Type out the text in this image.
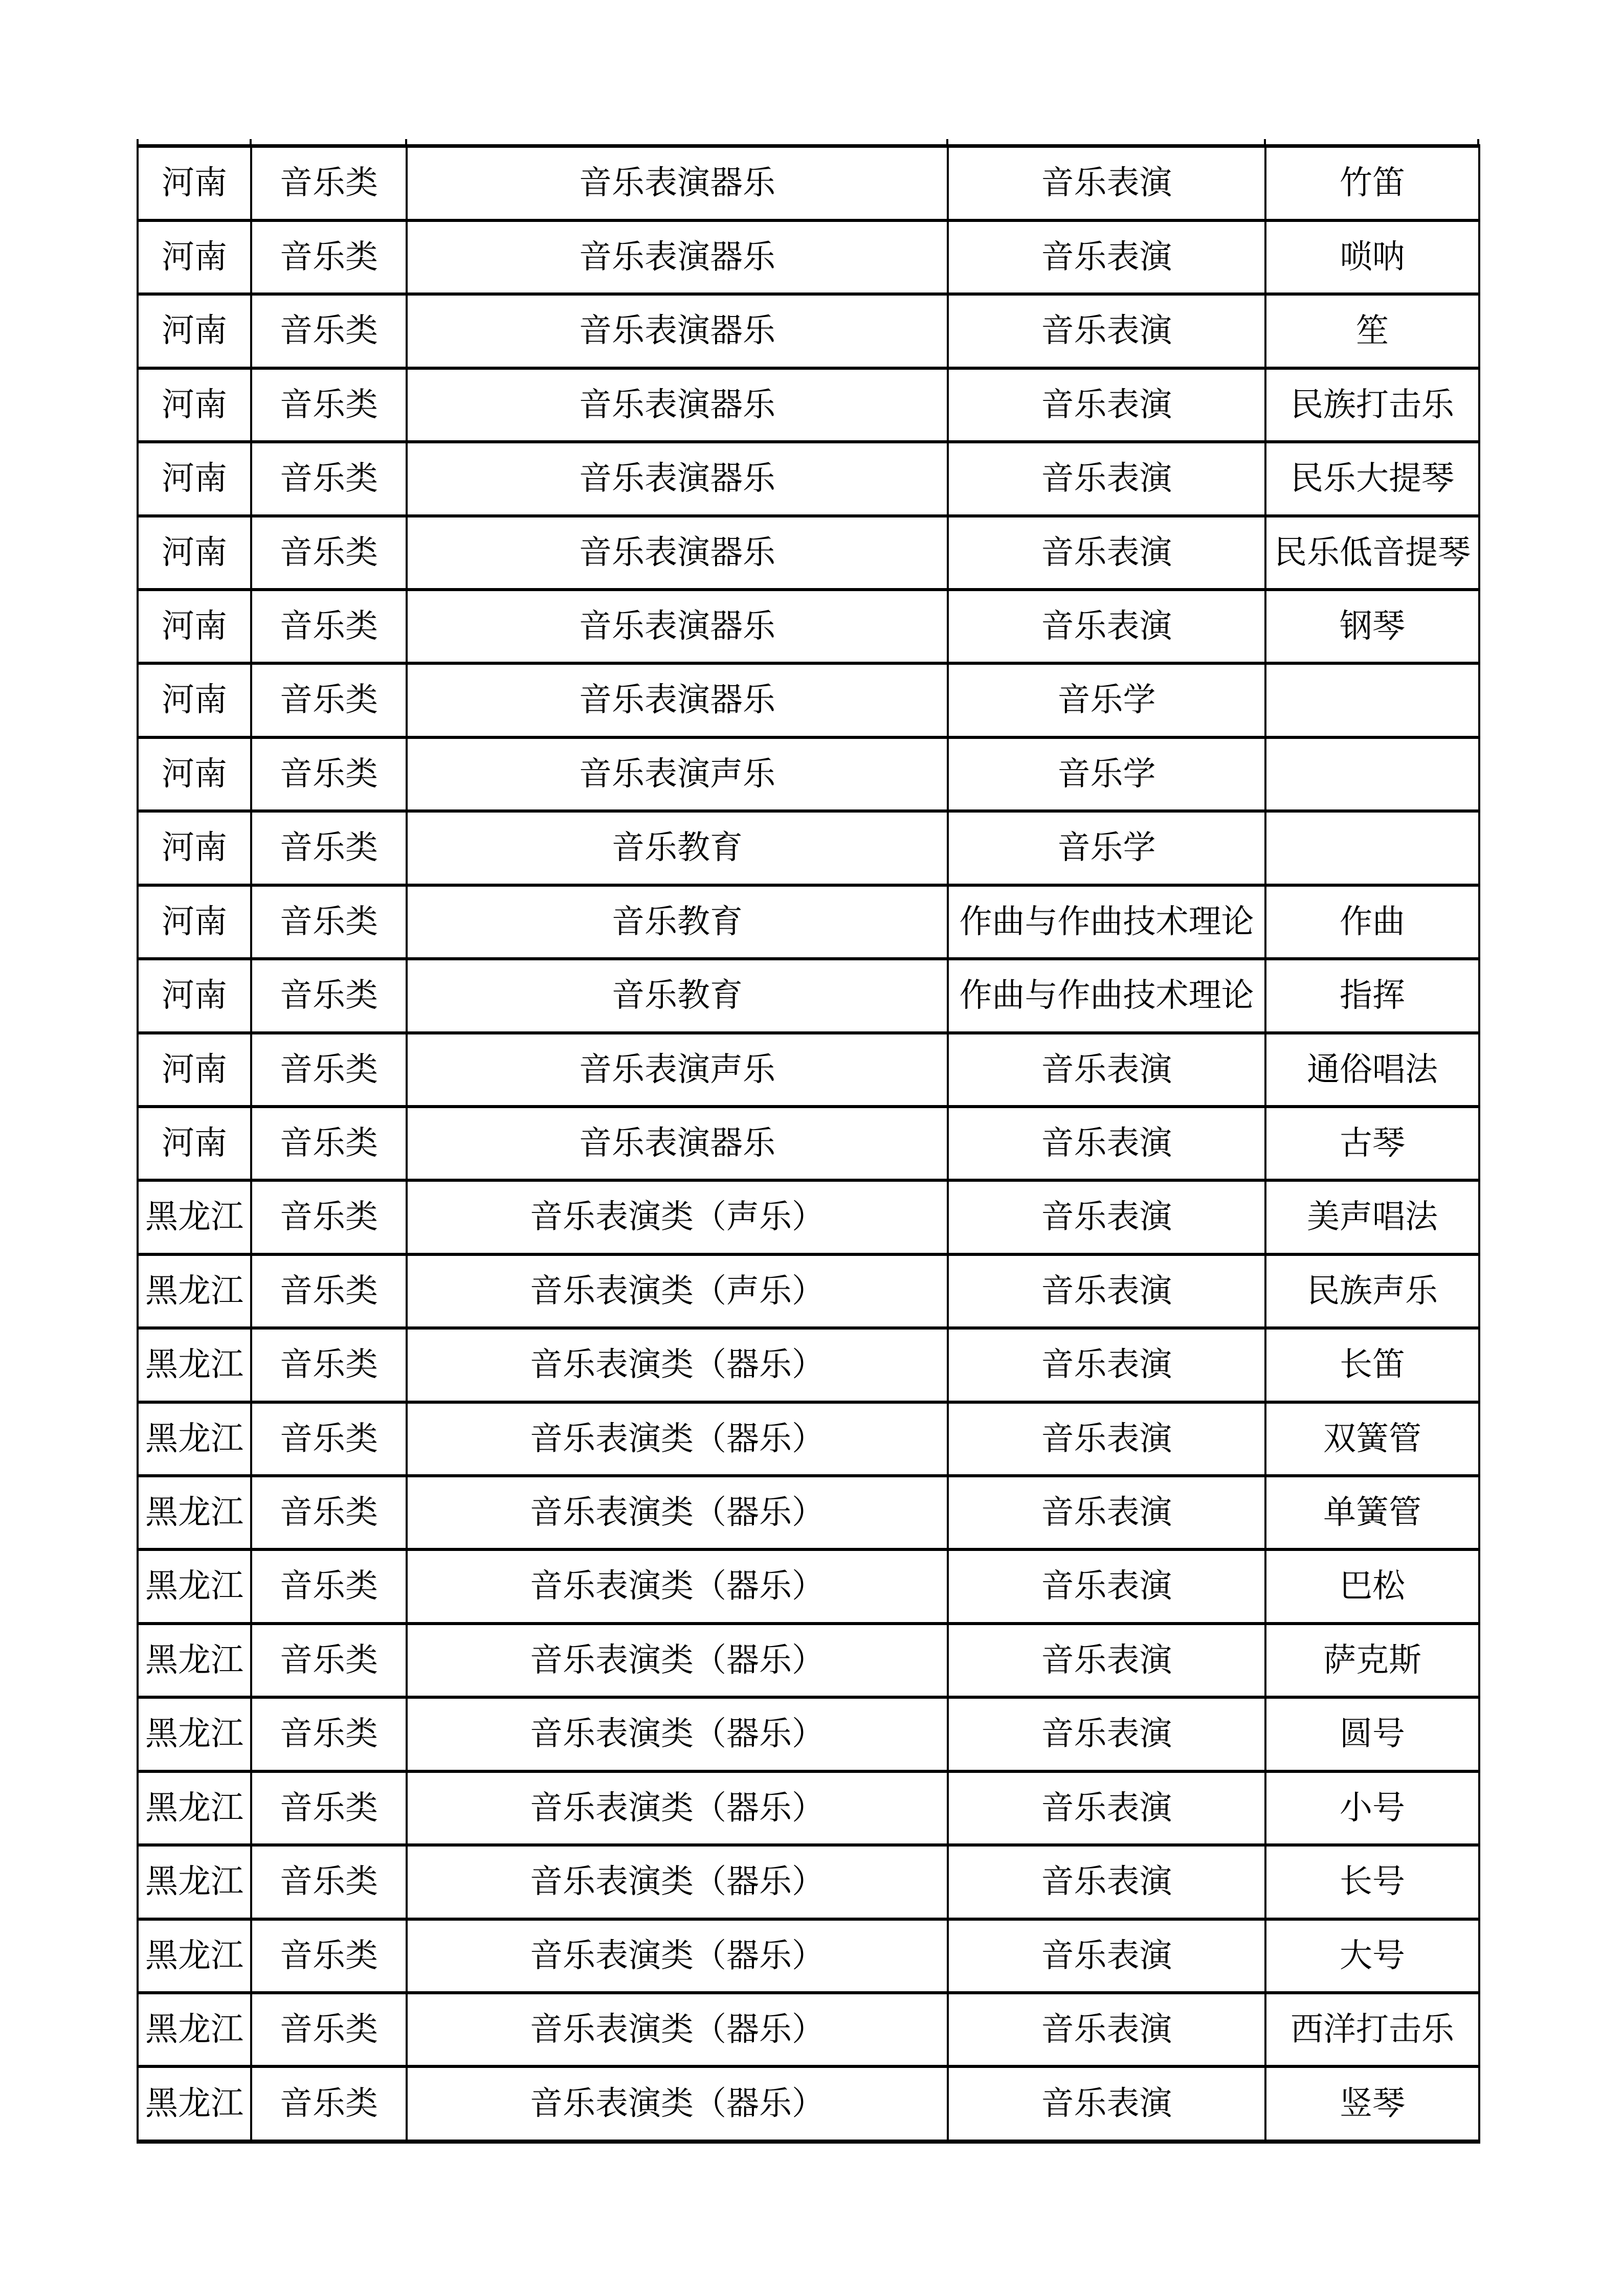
河南	音乐类	音乐表演器乐	音乐表演	竹笛
河南	音乐类	音乐表演器乐	音乐表演	唢呐
河南	音乐类	音乐表演器乐	音乐表演	笙
河南	音乐类	音乐表演器乐	音乐表演	民族打击乐
河南	音乐类	音乐表演器乐	音乐表演	民乐大提琴
河南	音乐类	音乐表演器乐	音乐表演	民乐低音提琴
河南	音乐类	音乐表演器乐	音乐表演	钢琴
河南	音乐类	音乐表演器乐	音乐学	
河南	音乐类	音乐表演声乐	音乐学	
河南	音乐类	音乐教育	音乐学	
河南	音乐类	音乐教育	作曲与作曲技术理论	作曲
河南	音乐类	音乐教育	作曲与作曲技术理论	指挥
河南	音乐类	音乐表演声乐	音乐表演	通俗唱法
河南	音乐类	音乐表演器乐	音乐表演	古琴
黑龙江	音乐类	音乐表演类（声乐）	音乐表演	美声唱法
黑龙江	音乐类	音乐表演类（声乐）	音乐表演	民族声乐
黑龙江	音乐类	音乐表演类（器乐）	音乐表演	长笛
黑龙江	音乐类	音乐表演类（器乐）	音乐表演	双簧管
黑龙江	音乐类	音乐表演类（器乐）	音乐表演	单簧管
黑龙江	音乐类	音乐表演类（器乐）	音乐表演	巴松
黑龙江	音乐类	音乐表演类（器乐）	音乐表演	萨克斯
黑龙江	音乐类	音乐表演类（器乐）	音乐表演	圆号
黑龙江	音乐类	音乐表演类（器乐）	音乐表演	小号
黑龙江	音乐类	音乐表演类（器乐）	音乐表演	长号
黑龙江	音乐类	音乐表演类（器乐）	音乐表演	大号
黑龙江	音乐类	音乐表演类（器乐）	音乐表演	西洋打击乐
黑龙江	音乐类	音乐表演类（器乐）	音乐表演	竖琴
